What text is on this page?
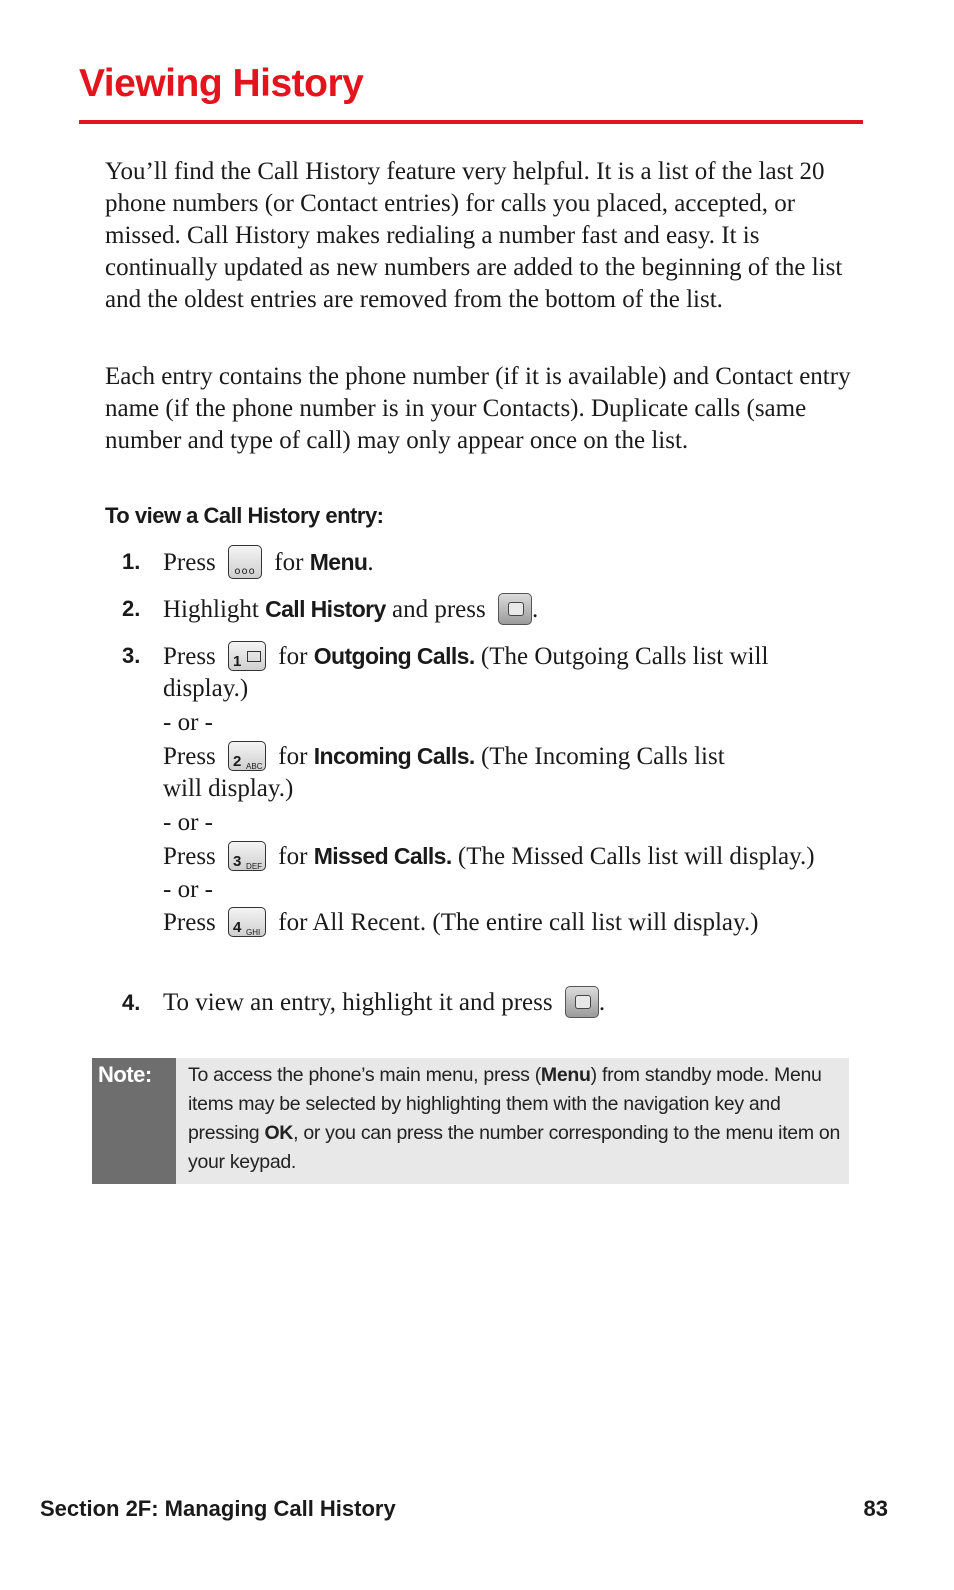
Viewing History

You’ll find the Call History feature very helpful. It is a list of the last 20 phone numbers (or Contact entries) for calls you placed, accepted, or missed. Call History makes redialing a number fast and easy. It is continually updated as new numbers are added to the beginning of the list and the oldest entries are removed from the bottom of the list.

Each entry contains the phone number (if it is available) and Contact entry name (if the phone number is in your Contacts). Duplicate calls (same number and type of call) may only appear once on the list.

To view a Call History entry:
1. Press	ooo for Menu.
2. Highlight Call History and press .
3. Press 1 for Outgoing Calls. (The Outgoing Calls list will
display.)
- or -
Press 2 ABC for Incoming Calls. (The Incoming Calls list
will display.)
- or -
Press 3 DEF for Missed Calls. (The Missed Calls list will display.)
- or -
Press 4 GHI for All Recent. (The entire call list will display.)
4. To view an entry, highlight it and press .
Note:	To access the phone’s main menu, press (Menu) from standby mode. Menu items may be selected by highlighting them with the navigation key and pressing OK, or you can press the number corresponding to the menu item on your keypad.

Section 2F: Managing Call History	83
